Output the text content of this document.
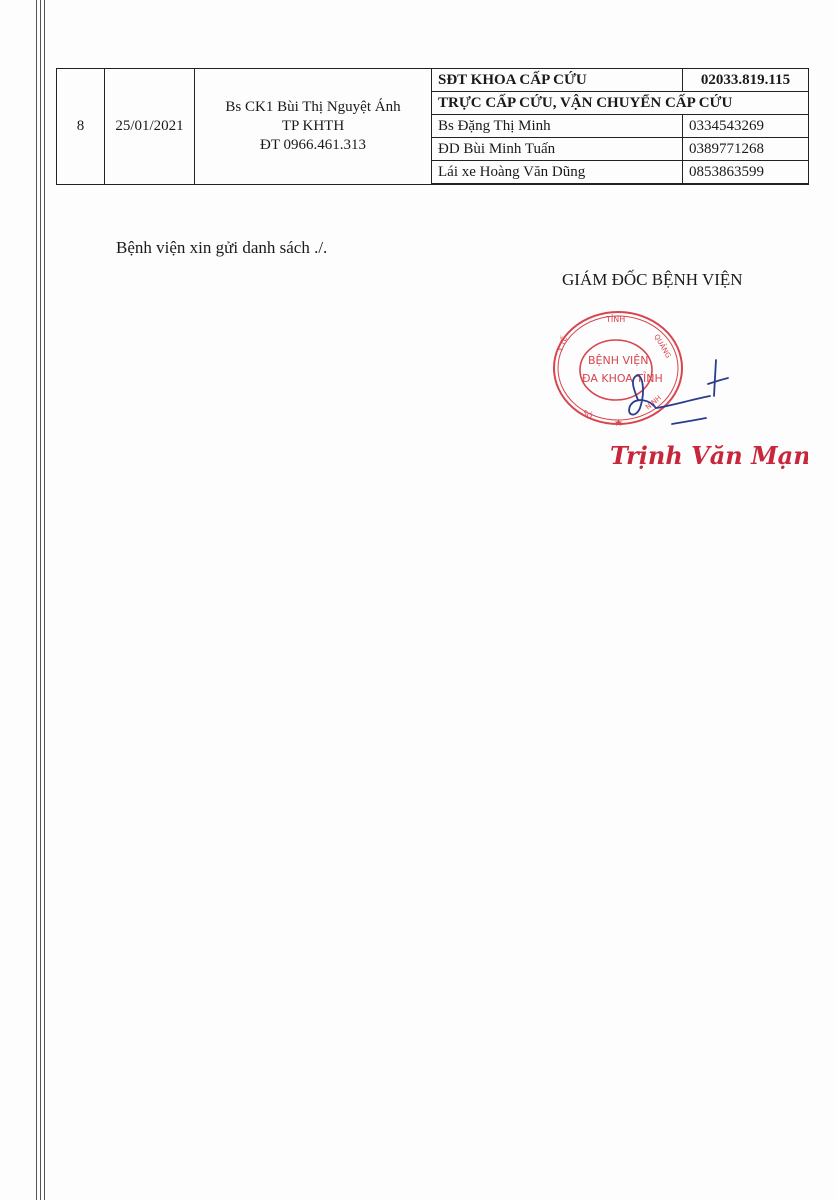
8	25/01/2021	Bs CK1 Bùi Thị Nguyệt Ánh
TP KHTH
ĐT 0966.461.313	SĐT KHOA CẤP CỨU	02033.819.115
			TRỰC CẤP CỨU, VẬN CHUYỂN CẤP CỨU	
			Bs Đặng Thị Minh	0334543269
			ĐD Bùi Minh Tuấn	0389771268
			Lái xe Hoàng Văn Dũng	0853863599
Bệnh viện xin gửi danh sách ./.
GIÁM ĐỐC BỆNH VIỆN
TỈNH
QUẢNG
Y TẾ
NINH
SỞ
BỆNH VIỆN
ĐA KHOA TỈNH
★
Trịnh Văn Mạnh
